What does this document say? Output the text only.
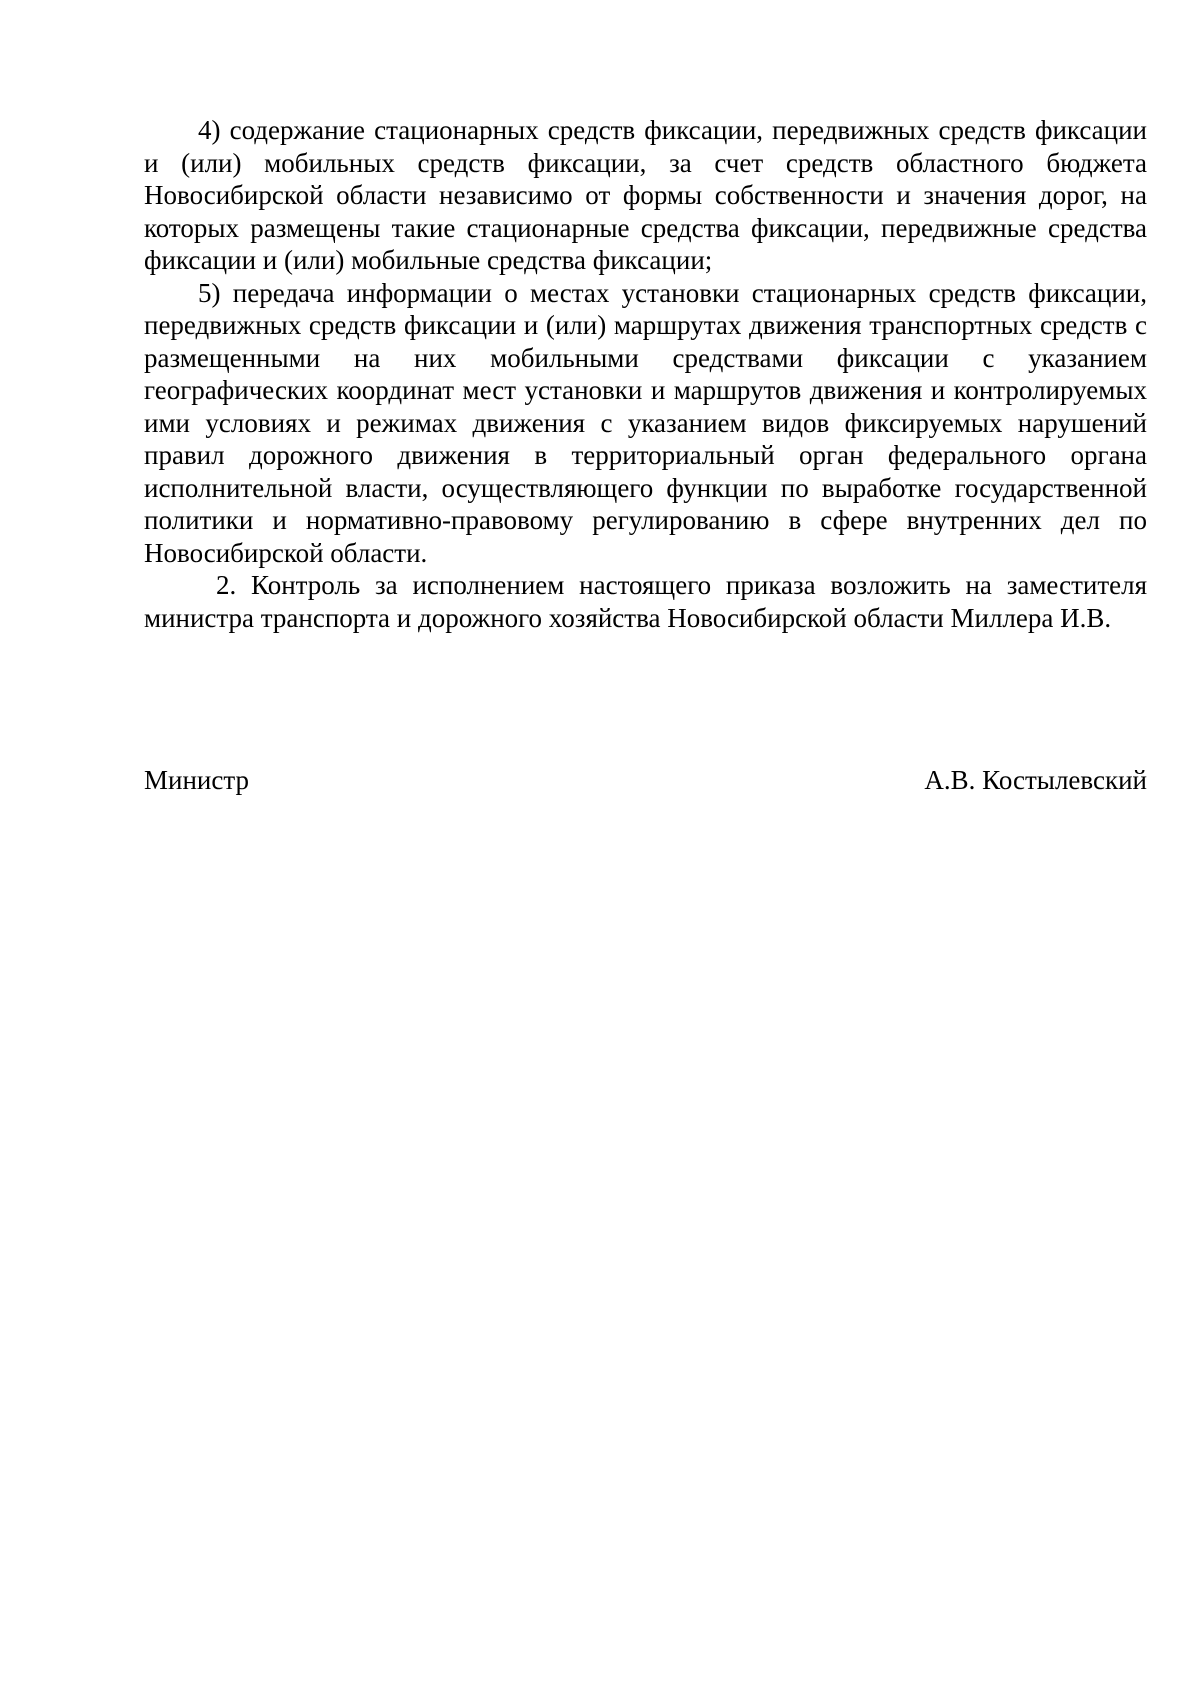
4) содержание стационарных средств фиксации, передвижных средств фиксации и (или) мобильных средств фиксации, за счет средств областного бюджета Новосибирской области независимо от формы собственности и значения дорог, на которых размещены такие стационарные средства фиксации, передвижные средства фиксации и (или) мобильные средства фиксации;

5) передача информации о местах установки стационарных средств фиксации, передвижных средств фиксации и (или) маршрутах движения транспортных средств с размещенными на них мобильными средствами фиксации с указанием географических координат мест установки и маршрутов движения и контролируемых ими условиях и режимах движения с указанием видов фиксируемых нарушений правил дорожного движения в территориальный орган федерального органа исполнительной власти, осуществляющего функции по выработке государственной политики и нормативно-правовому регулированию в сфере внутренних дел по Новосибирской области.

2. Контроль за исполнением настоящего приказа возложить на заместителя министра транспорта и дорожного хозяйства Новосибирской области Миллера И.В.

Министр	А.В. Костылевский
